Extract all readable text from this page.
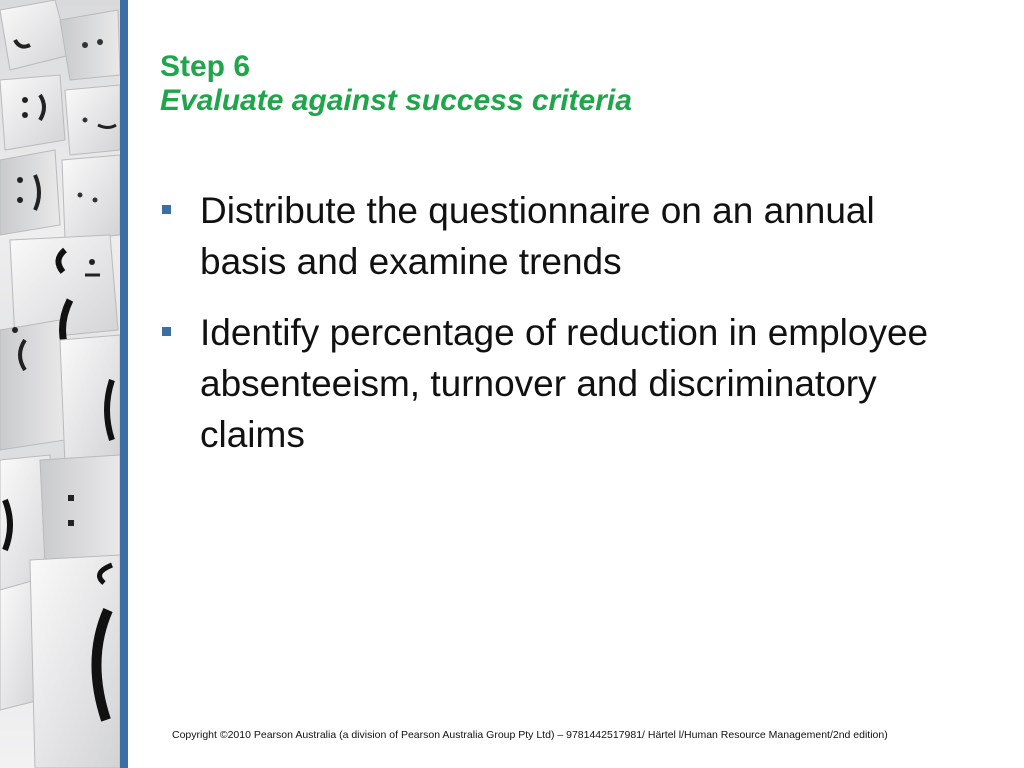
Step 6
Evaluate against success criteria
Distribute the questionnaire on an annual basis and examine trends
Identify percentage of reduction in employee absenteeism, turnover and discriminatory claims
Copyright ©2010 Pearson Australia (a division of Pearson Australia Group Pty Ltd) – 9781442517981/ Härtel l/Human Resource Management/2nd edition)
